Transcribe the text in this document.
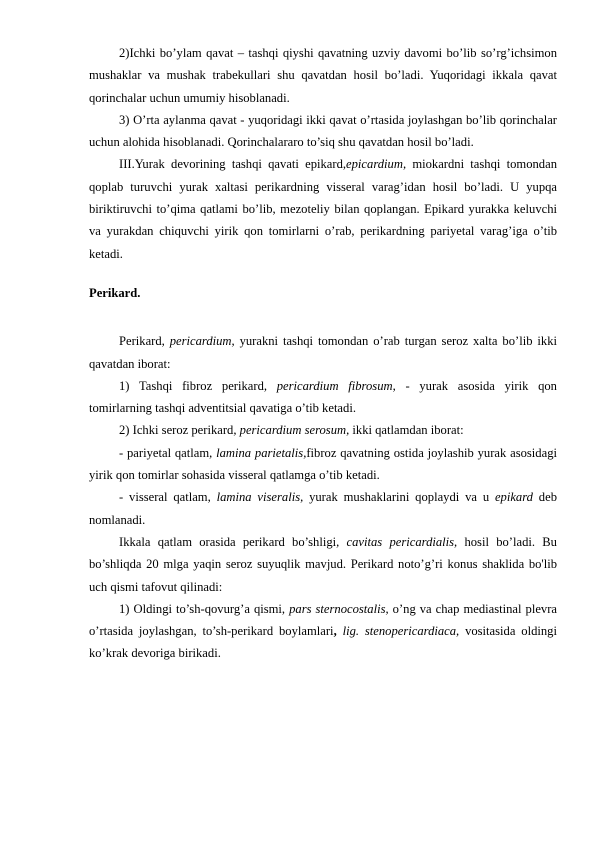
2)Ichki bo’ylam qavat – tashqi qiyshi qavatning uzviy davomi bo’lib so’rg’ichsimon mushaklar va mushak trabekullari shu qavatdan hosil bo’ladi. Yuqoridagi ikkala qavat qorinchalar uchun umumiy hisoblanadi.

3) O’rta aylanma qavat - yuqoridagi ikki qavat o’rtasida joylashgan bo’lib qorinchalar uchun alohida hisoblanadi. Qorinchalararo to’siq shu qavatdan hosil bo’ladi.

III.Yurak devorining tashqi qavati epikard,epicardium, miokardni tashqi tomondan qoplab turuvchi yurak xaltasi perikardning visseral varag’idan hosil bo’ladi. U yupqa biriktiruvchi to’qima qatlami bo’lib, mezoteliy bilan qoplangan. Epikard yurakka keluvchi va yurakdan chiquvchi yirik qon tomirlarni o’rab, perikardning pariyetal varag’iga o’tib ketadi.

Perikard.

Perikard, pericardium, yurakni tashqi tomondan o’rab turgan seroz xalta bo’lib ikki qavatdan iborat:

1) Tashqi fibroz perikard, pericardium fibrosum, - yurak asosida yirik qon tomirlarning tashqi adventitsial qavatiga o’tib ketadi.

2) Ichki seroz perikard, pericardium serosum, ikki qatlamdan iborat:

- pariyetal qatlam, lamina parietalis,fibroz qavatning ostida joylashib yurak asosidagi yirik qon tomirlar sohasida visseral qatlamga o’tib ketadi.

- visseral qatlam, lamina viseralis, yurak mushaklarini qoplaydi va u epikard deb nomlanadi.

Ikkala qatlam orasida perikard bo’shligi, cavitas pericardialis, hosil bo’ladi. Bu bo’shliqda 20 mlga yaqin seroz suyuqlik mavjud. Perikard noto’g’ri konus shaklida bo'lib uch qismi tafovut qilinadi:

1) Oldingi to’sh-qovurg’a qismi, pars sternocostalis, o’ng va chap mediastinal plevra o’rtasida joylashgan, to’sh-perikard boylamlari, lig. stenopericardiaca, vositasida oldingi ko’krak devoriga birikadi.
